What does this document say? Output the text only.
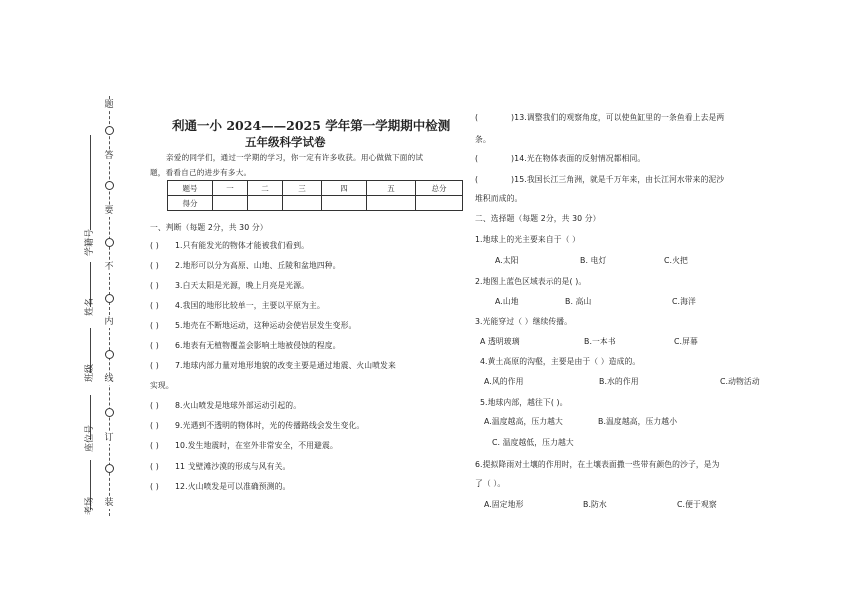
题
答
要
不
内
线
订
装
考场
座位号
班级
姓名
学籍号
利通一小 2024——2025 学年第一学期期中检测
五年级科学试卷
亲爱的同学们，通过一学期的学习，你一定有许多收获。用心做做下面的试
题，看看自己的进步有多大。
题号	一	二	三	四	五	总分
得分						
一、判断（每题 2分，共 30 分）
( ) 1.只有能发光的物体才能被我们看到。
( ) 2.地形可以分为高原、山地、丘陵和盆地四种。
( ) 3.白天太阳是光源，晚上月亮是光源。
( ) 4.我国的地形比较单一，主要以平原为主。
( ) 5.地壳在不断地运动，这种运动会使岩层发生变形。
( ) 6.地表有无植物覆盖会影响土地被侵蚀的程度。
( ) 7.地球内部力量对地形地貌的改变主要是通过地震、火山喷发来
实现。
( ) 8.火山喷发是地球外部运动引起的。
( ) 9.光遇到不透明的物体时，光的传播路线会发生变化。
( ) 10.发生地震时，在室外非常安全，不用避震。
( ) 11 戈壁滩沙漠的形成与风有关。
( ) 12.火山喷发是可以准确预测的。
(	)13.调整我们的观察角度，可以使鱼缸里的一条鱼看上去是两
条。
(	)14.光在物体表面的反射情况都相同。
(	)15.我国长江三角洲，就是千万年来，由长江河水带来的泥沙
堆积而成的。
二、选择题（每题 2分，共 30 分）
1.地球上的光主要来自于（ ）
A.太阳	B. 电灯	C.火把
2.地图上蓝色区域表示的是( )。
A.山地	B. 高山	C.海洋
3.光能穿过（ ）继续传播。
A 透明玻璃	B.一本书	C.屏幕
4.黄土高原的沟壑，主要是由于（ ）造成的。
A.风的作用	B.水的作用	C.动物活动
5.地球内部，越往下( )。
A.温度越高，压力越大	B.温度越高，压力越小
C. 温度越低，压力越大
6.提拟降雨对土壤的作用时，在土壤表面撒一些带有颜色的沙子，是为
了（ ）。
A.固定地形	B.防水	C.便于观察
